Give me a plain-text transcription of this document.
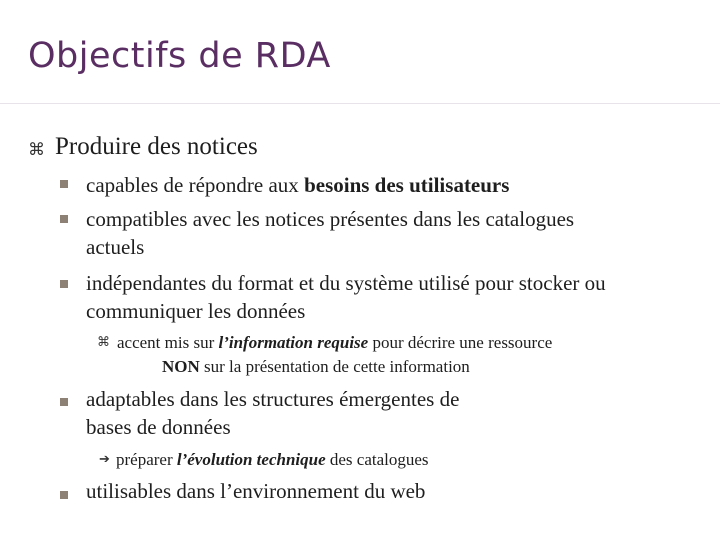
Objectifs de RDA
⌘ Produire des notices
capables de répondre aux besoins des utilisateurs
compatibles avec les notices présentes dans les catalogues
actuels
indépendantes du format et du système utilisé pour stocker ou
communiquer les données
⌘ accent mis sur l’information requise pour décrire une ressource
NON sur la présentation de cette information
adaptables dans les structures émergentes de
bases de données
➔ préparer l’évolution technique des catalogues
utilisables dans l’environnement du web
